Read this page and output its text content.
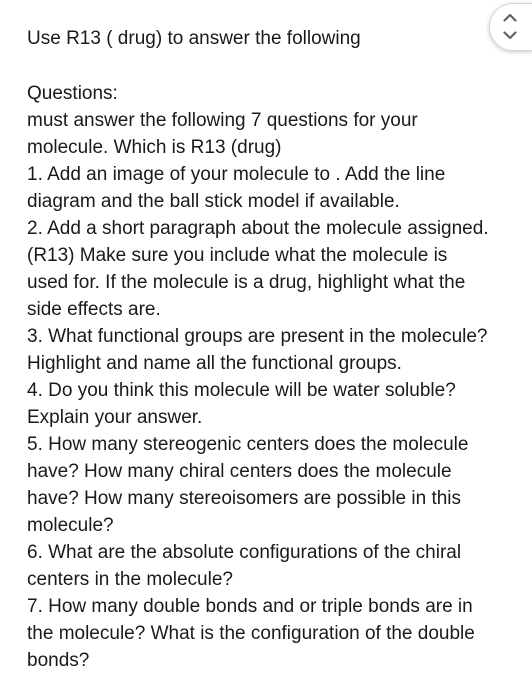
Use R13 ( drug) to answer the following
Questions:
must answer the following 7 questions for your
molecule. Which is R13 (drug)
1. Add an image of your molecule to . Add the line
diagram and the ball stick model if available.
2. Add a short paragraph about the molecule assigned.
(R13) Make sure you include what the molecule is
used for. If the molecule is a drug, highlight what the
side effects are.
3. What functional groups are present in the molecule?
Highlight and name all the functional groups.
4. Do you think this molecule will be water soluble?
Explain your answer.
5. How many stereogenic centers does the molecule
have? How many chiral centers does the molecule
have? How many stereoisomers are possible in this
molecule?
6. What are the absolute configurations of the chiral
centers in the molecule?
7. How many double bonds and or triple bonds are in
the molecule? What is the configuration of the double
bonds?
